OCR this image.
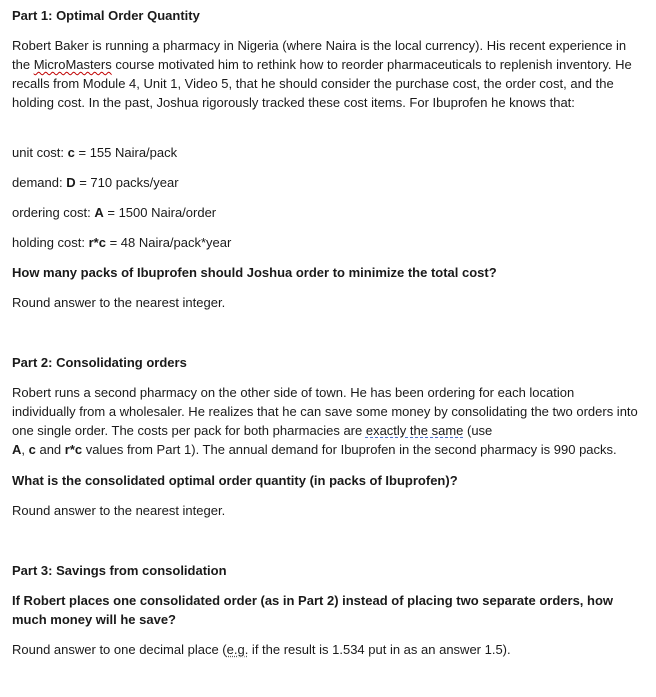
Part 1: Optimal Order Quantity

Robert Baker is running a pharmacy in Nigeria (where Naira is the local currency). His recent experience in the MicroMasters course motivated him to rethink how to reorder pharmaceuticals to replenish inventory. He recalls from Module 4, Unit 1, Video 5, that he should consider the purchase cost, the order cost, and the holding cost. In the past, Joshua rigorously tracked these cost items. For Ibuprofen he knows that:

unit cost: c = 155 Naira/pack

demand: D = 710 packs/year

ordering cost: A = 1500 Naira/order

holding cost: r*c = 48 Naira/pack*year

How many packs of Ibuprofen should Joshua order to minimize the total cost?

Round answer to the nearest integer.

Part 2: Consolidating orders

Robert runs a second pharmacy on the other side of town. He has been ordering for each location individually from a wholesaler. He realizes that he can save some money by consolidating the two orders into one single order. The costs per pack for both pharmacies are exactly the same (use
A, c and r*c values from Part 1). The annual demand for Ibuprofen in the second pharmacy is 990 packs.

What is the consolidated optimal order quantity (in packs of Ibuprofen)?

Round answer to the nearest integer.

Part 3: Savings from consolidation

If Robert places one consolidated order (as in Part 2) instead of placing two separate orders, how much money will he save?

Round answer to one decimal place (e.g. if the result is 1.534 put in as an answer 1.5).
